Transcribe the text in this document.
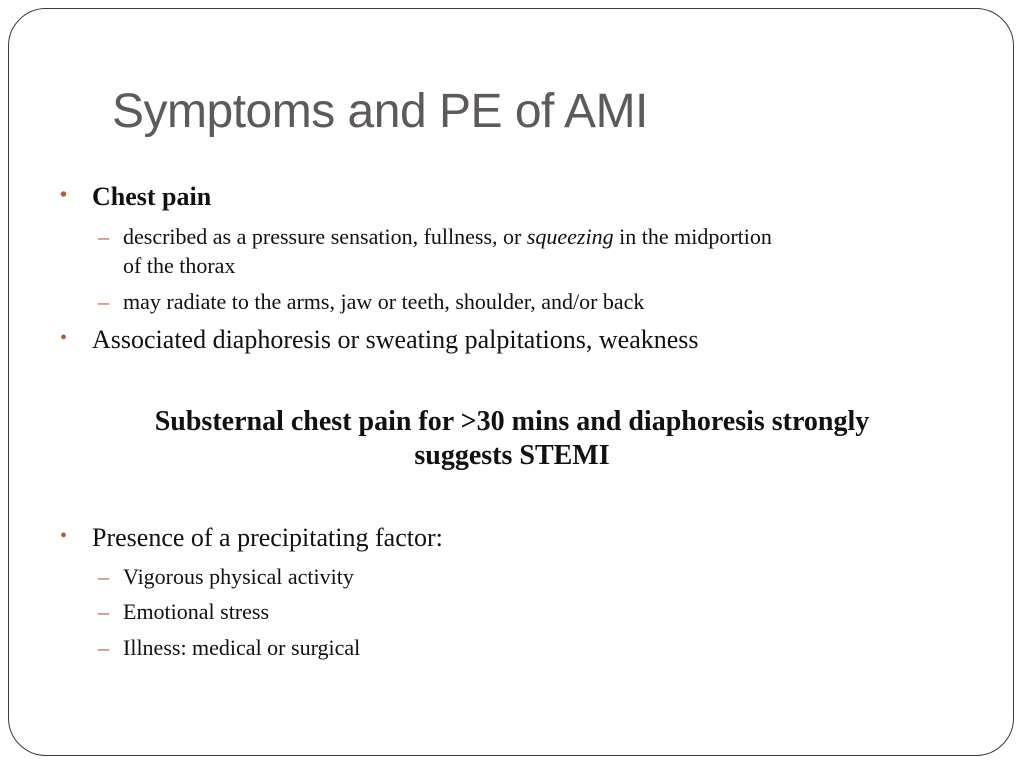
Symptoms and PE of AMI
• Chest pain
– described as a pressure sensation, fullness, or squeezing in the midportion
of the thorax
– may radiate to the arms, jaw or teeth, shoulder, and/or back
• Associated diaphoresis or sweating palpitations, weakness
Substernal chest pain for >30 mins and diaphoresis strongly
suggests STEMI
• Presence of a precipitating factor:
– Vigorous physical activity
– Emotional stress
– Illness: medical or surgical
